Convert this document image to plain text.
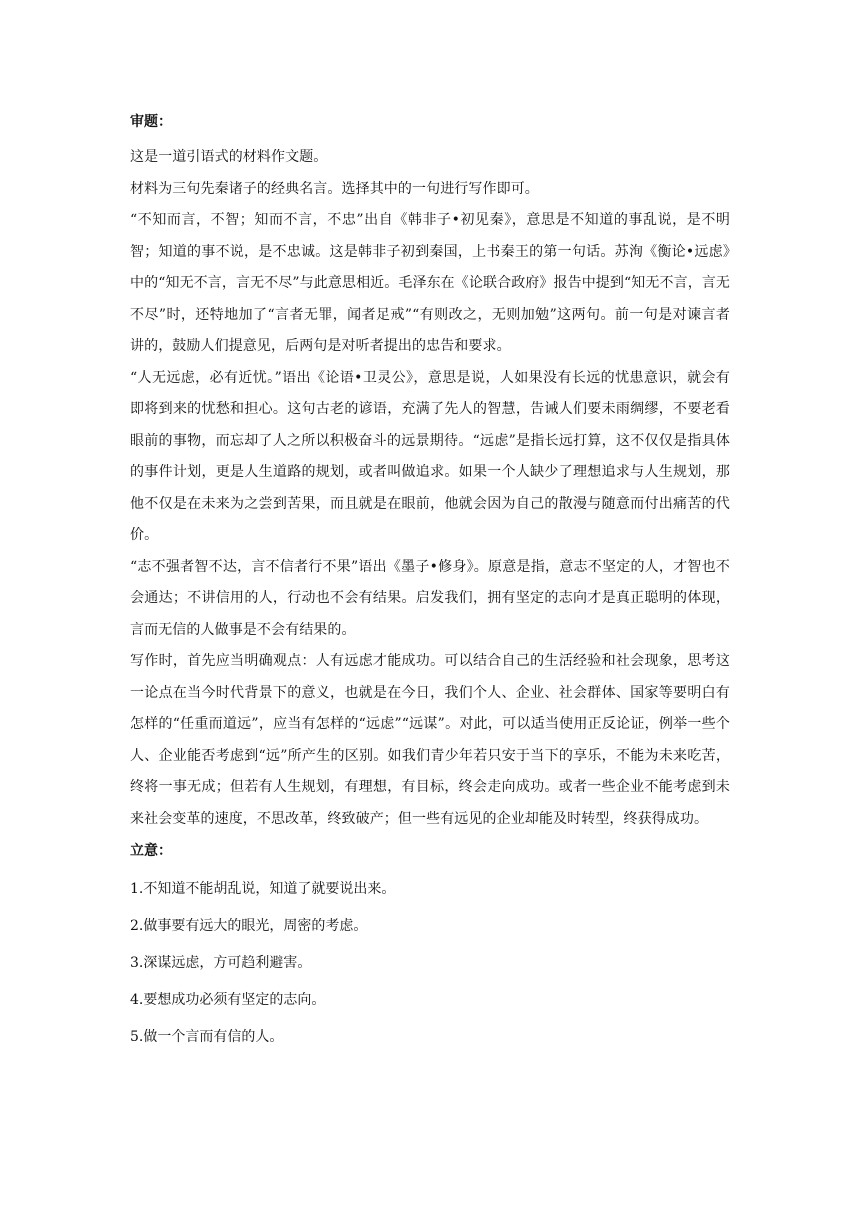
审题：

这是一道引语式的材料作文题。

材料为三句先秦诸子的经典名言。选择其中的一句进行写作即可。

“不知而言，不智；知而不言，不忠”出自《韩非子•初见秦》，意思是不知道的事乱说，是不明智；知道的事不说，是不忠诚。这是韩非子初到秦国，上书秦王的第一句话。苏洵《衡论•远虑》中的“知无不言，言无不尽”与此意思相近。毛泽东在《论联合政府》报告中提到“知无不言，言无不尽”时，还特地加了“言者无罪，闻者足戒”“有则改之，无则加勉”这两句。前一句是对谏言者讲的，鼓励人们提意见，后两句是对听者提出的忠告和要求。

“人无远虑，必有近忧。”语出《论语•卫灵公》，意思是说，人如果没有长远的忧患意识，就会有即将到来的忧愁和担心。这句古老的谚语，充满了先人的智慧，告诫人们要未雨绸缪，不要老看眼前的事物，而忘却了人之所以积极奋斗的远景期待。“远虑”是指长远打算，这不仅仅是指具体的事件计划，更是人生道路的规划，或者叫做追求。如果一个人缺少了理想追求与人生规划，那他不仅是在未来为之尝到苦果，而且就是在眼前，他就会因为自己的散漫与随意而付出痛苦的代价。

“志不强者智不达，言不信者行不果”语出《墨子•修身》。原意是指，意志不坚定的人，才智也不会通达；不讲信用的人，行动也不会有结果。启发我们，拥有坚定的志向才是真正聪明的体现，言而无信的人做事是不会有结果的。

写作时，首先应当明确观点：人有远虑才能成功。可以结合自己的生活经验和社会现象，思考这一论点在当今时代背景下的意义，也就是在今日，我们个人、企业、社会群体、国家等要明白有怎样的“任重而道远”，应当有怎样的“远虑”“远谋”。对此，可以适当使用正反论证，例举一些个人、企业能否考虑到“远”所产生的区别。如我们青少年若只安于当下的享乐，不能为未来吃苦，终将一事无成；但若有人生规划，有理想，有目标，终会走向成功。或者一些企业不能考虑到未来社会变革的速度，不思改革，终致破产；但一些有远见的企业却能及时转型，终获得成功。

立意：

1.不知道不能胡乱说，知道了就要说出来。

2.做事要有远大的眼光，周密的考虑。

3.深谋远虑，方可趋利避害。

4.要想成功必须有坚定的志向。

5.做一个言而有信的人。
